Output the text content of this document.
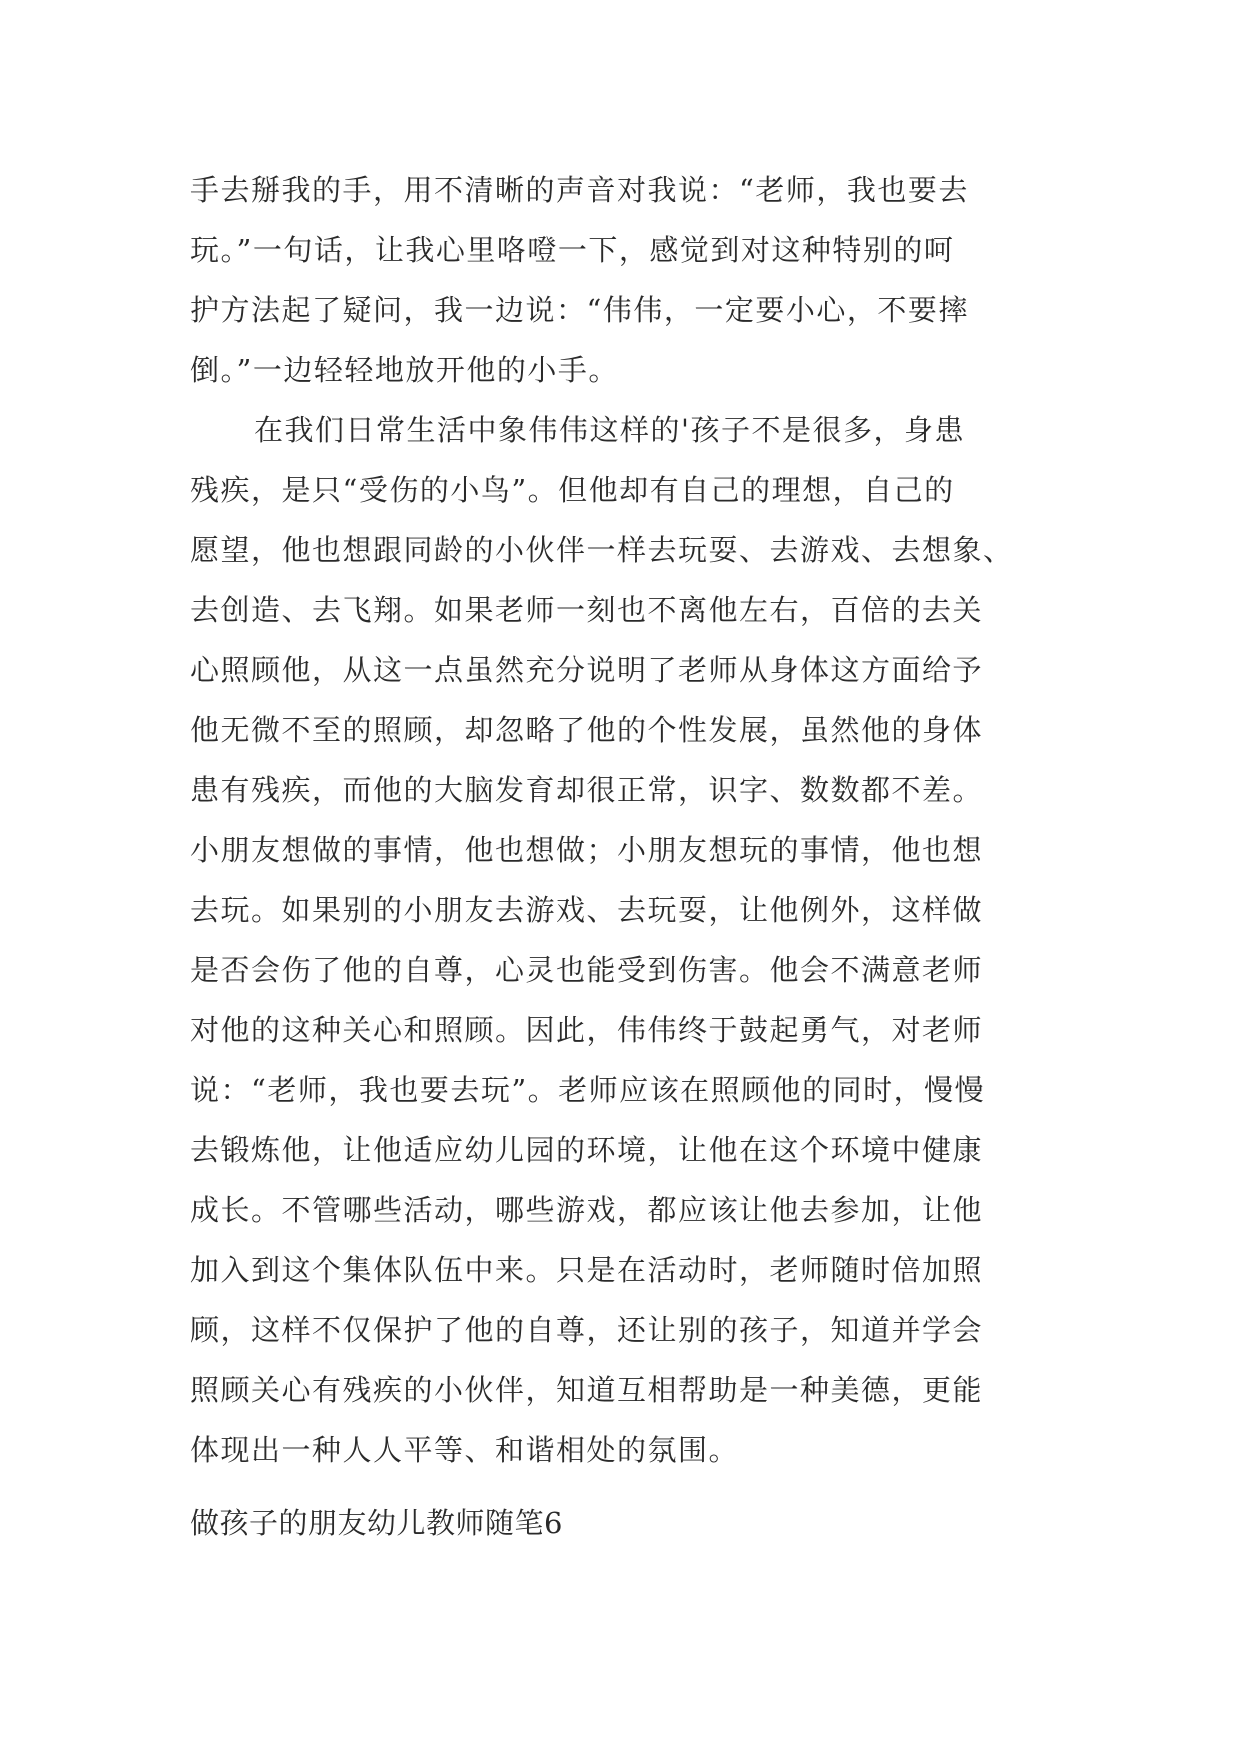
手去掰我的手，用不清晰的声音对我说：“老师，我也要去
玩。”一句话，让我心里咯噔一下，感觉到对这种特别的呵
护方法起了疑问，我一边说：“伟伟，一定要小心，不要摔
倒。”一边轻轻地放开他的小手。
在我们日常生活中象伟伟这样的'孩子不是很多，身患
残疾，是只“受伤的小鸟”。但他却有自己的理想，自己的
愿望，他也想跟同龄的小伙伴一样去玩耍、去游戏、去想象、
去创造、去飞翔。如果老师一刻也不离他左右，百倍的去关
心照顾他，从这一点虽然充分说明了老师从身体这方面给予
他无微不至的照顾，却忽略了他的个性发展，虽然他的身体
患有残疾，而他的大脑发育却很正常，识字、数数都不差。
小朋友想做的事情，他也想做；小朋友想玩的事情，他也想
去玩。如果别的小朋友去游戏、去玩耍，让他例外，这样做
是否会伤了他的自尊，心灵也能受到伤害。他会不满意老师
对他的这种关心和照顾。因此，伟伟终于鼓起勇气，对老师
说：“老师，我也要去玩”。老师应该在照顾他的同时，慢慢
去锻炼他，让他适应幼儿园的环境，让他在这个环境中健康
成长。不管哪些活动，哪些游戏，都应该让他去参加，让他
加入到这个集体队伍中来。只是在活动时，老师随时倍加照
顾，这样不仅保护了他的自尊，还让别的孩子，知道并学会
照顾关心有残疾的小伙伴，知道互相帮助是一种美德，更能
体现出一种人人平等、和谐相处的氛围。
做孩子的朋友幼儿教师随笔6
